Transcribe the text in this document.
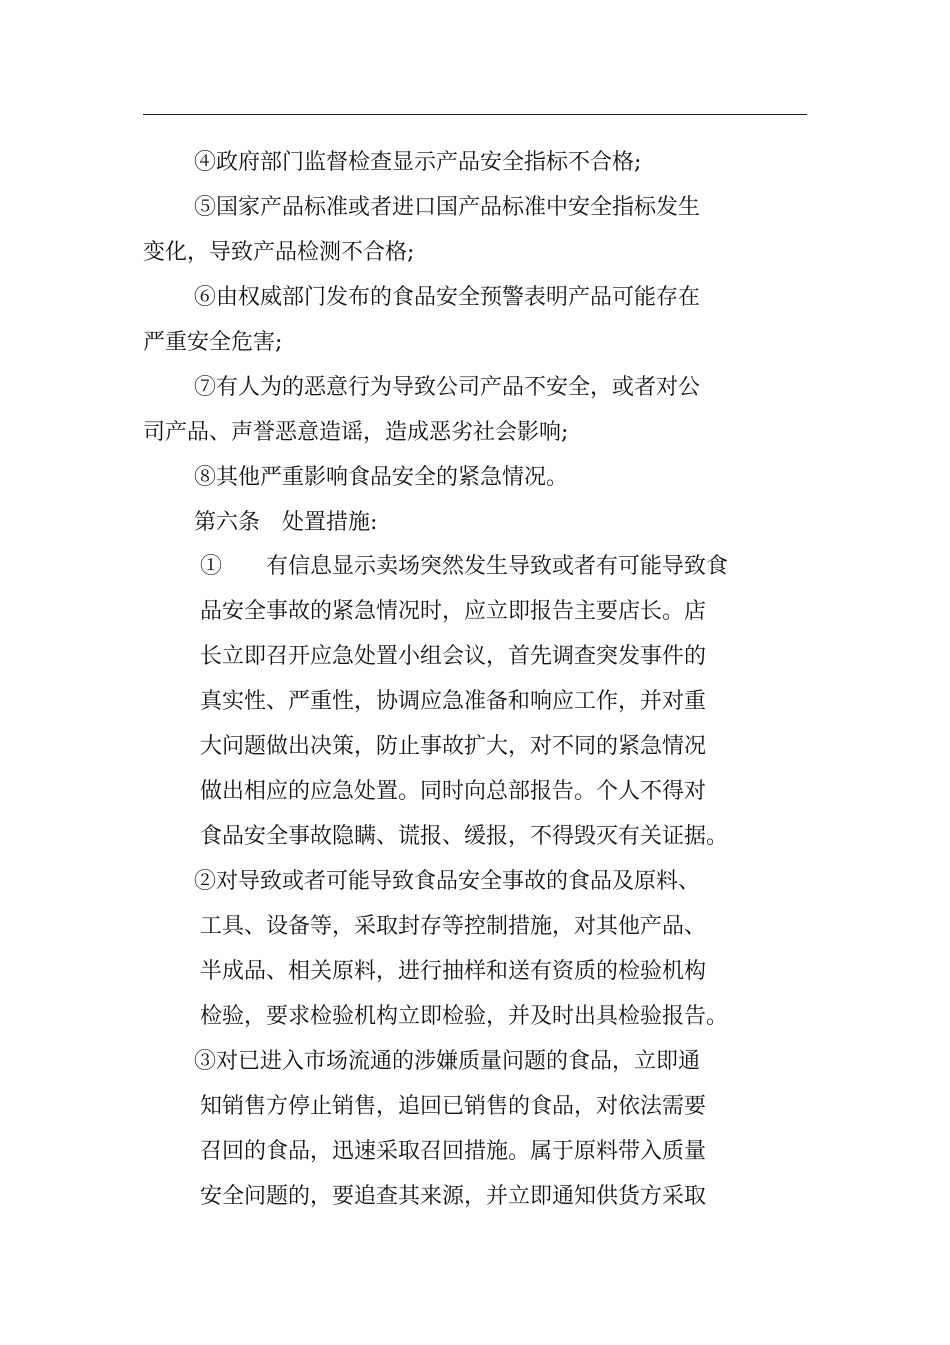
④政府部门监督检查显示产品安全指标不合格;
⑤国家产品标准或者进口国产品标准中安全指标发生
变化，导致产品检测不合格;
⑥由权威部门发布的食品安全预警表明产品可能存在
严重安全危害;
⑦有人为的恶意行为导致公司产品不安全，或者对公
司产品、声誉恶意造谣，造成恶劣社会影响;
⑧其他严重影响食品安全的紧急情况。
第六条　处置措施:
①　　有信息显示卖场突然发生导致或者有可能导致食
品安全事故的紧急情况时，应立即报告主要店长。店
长立即召开应急处置小组会议，首先调查突发事件的
真实性、严重性，协调应急准备和响应工作，并对重
大问题做出决策，防止事故扩大，对不同的紧急情况
做出相应的应急处置。同时向总部报告。个人不得对
食品安全事故隐瞒、谎报、缓报，不得毁灭有关证据。
②对导致或者可能导致食品安全事故的食品及原料、
工具、设备等，采取封存等控制措施，对其他产品、
半成品、相关原料，进行抽样和送有资质的检验机构
检验，要求检验机构立即检验，并及时出具检验报告。
③对已进入市场流通的涉嫌质量问题的食品，立即通
知销售方停止销售，追回已销售的食品，对依法需要
召回的食品，迅速采取召回措施。属于原料带入质量
安全问题的，要追查其来源，并立即通知供货方采取
